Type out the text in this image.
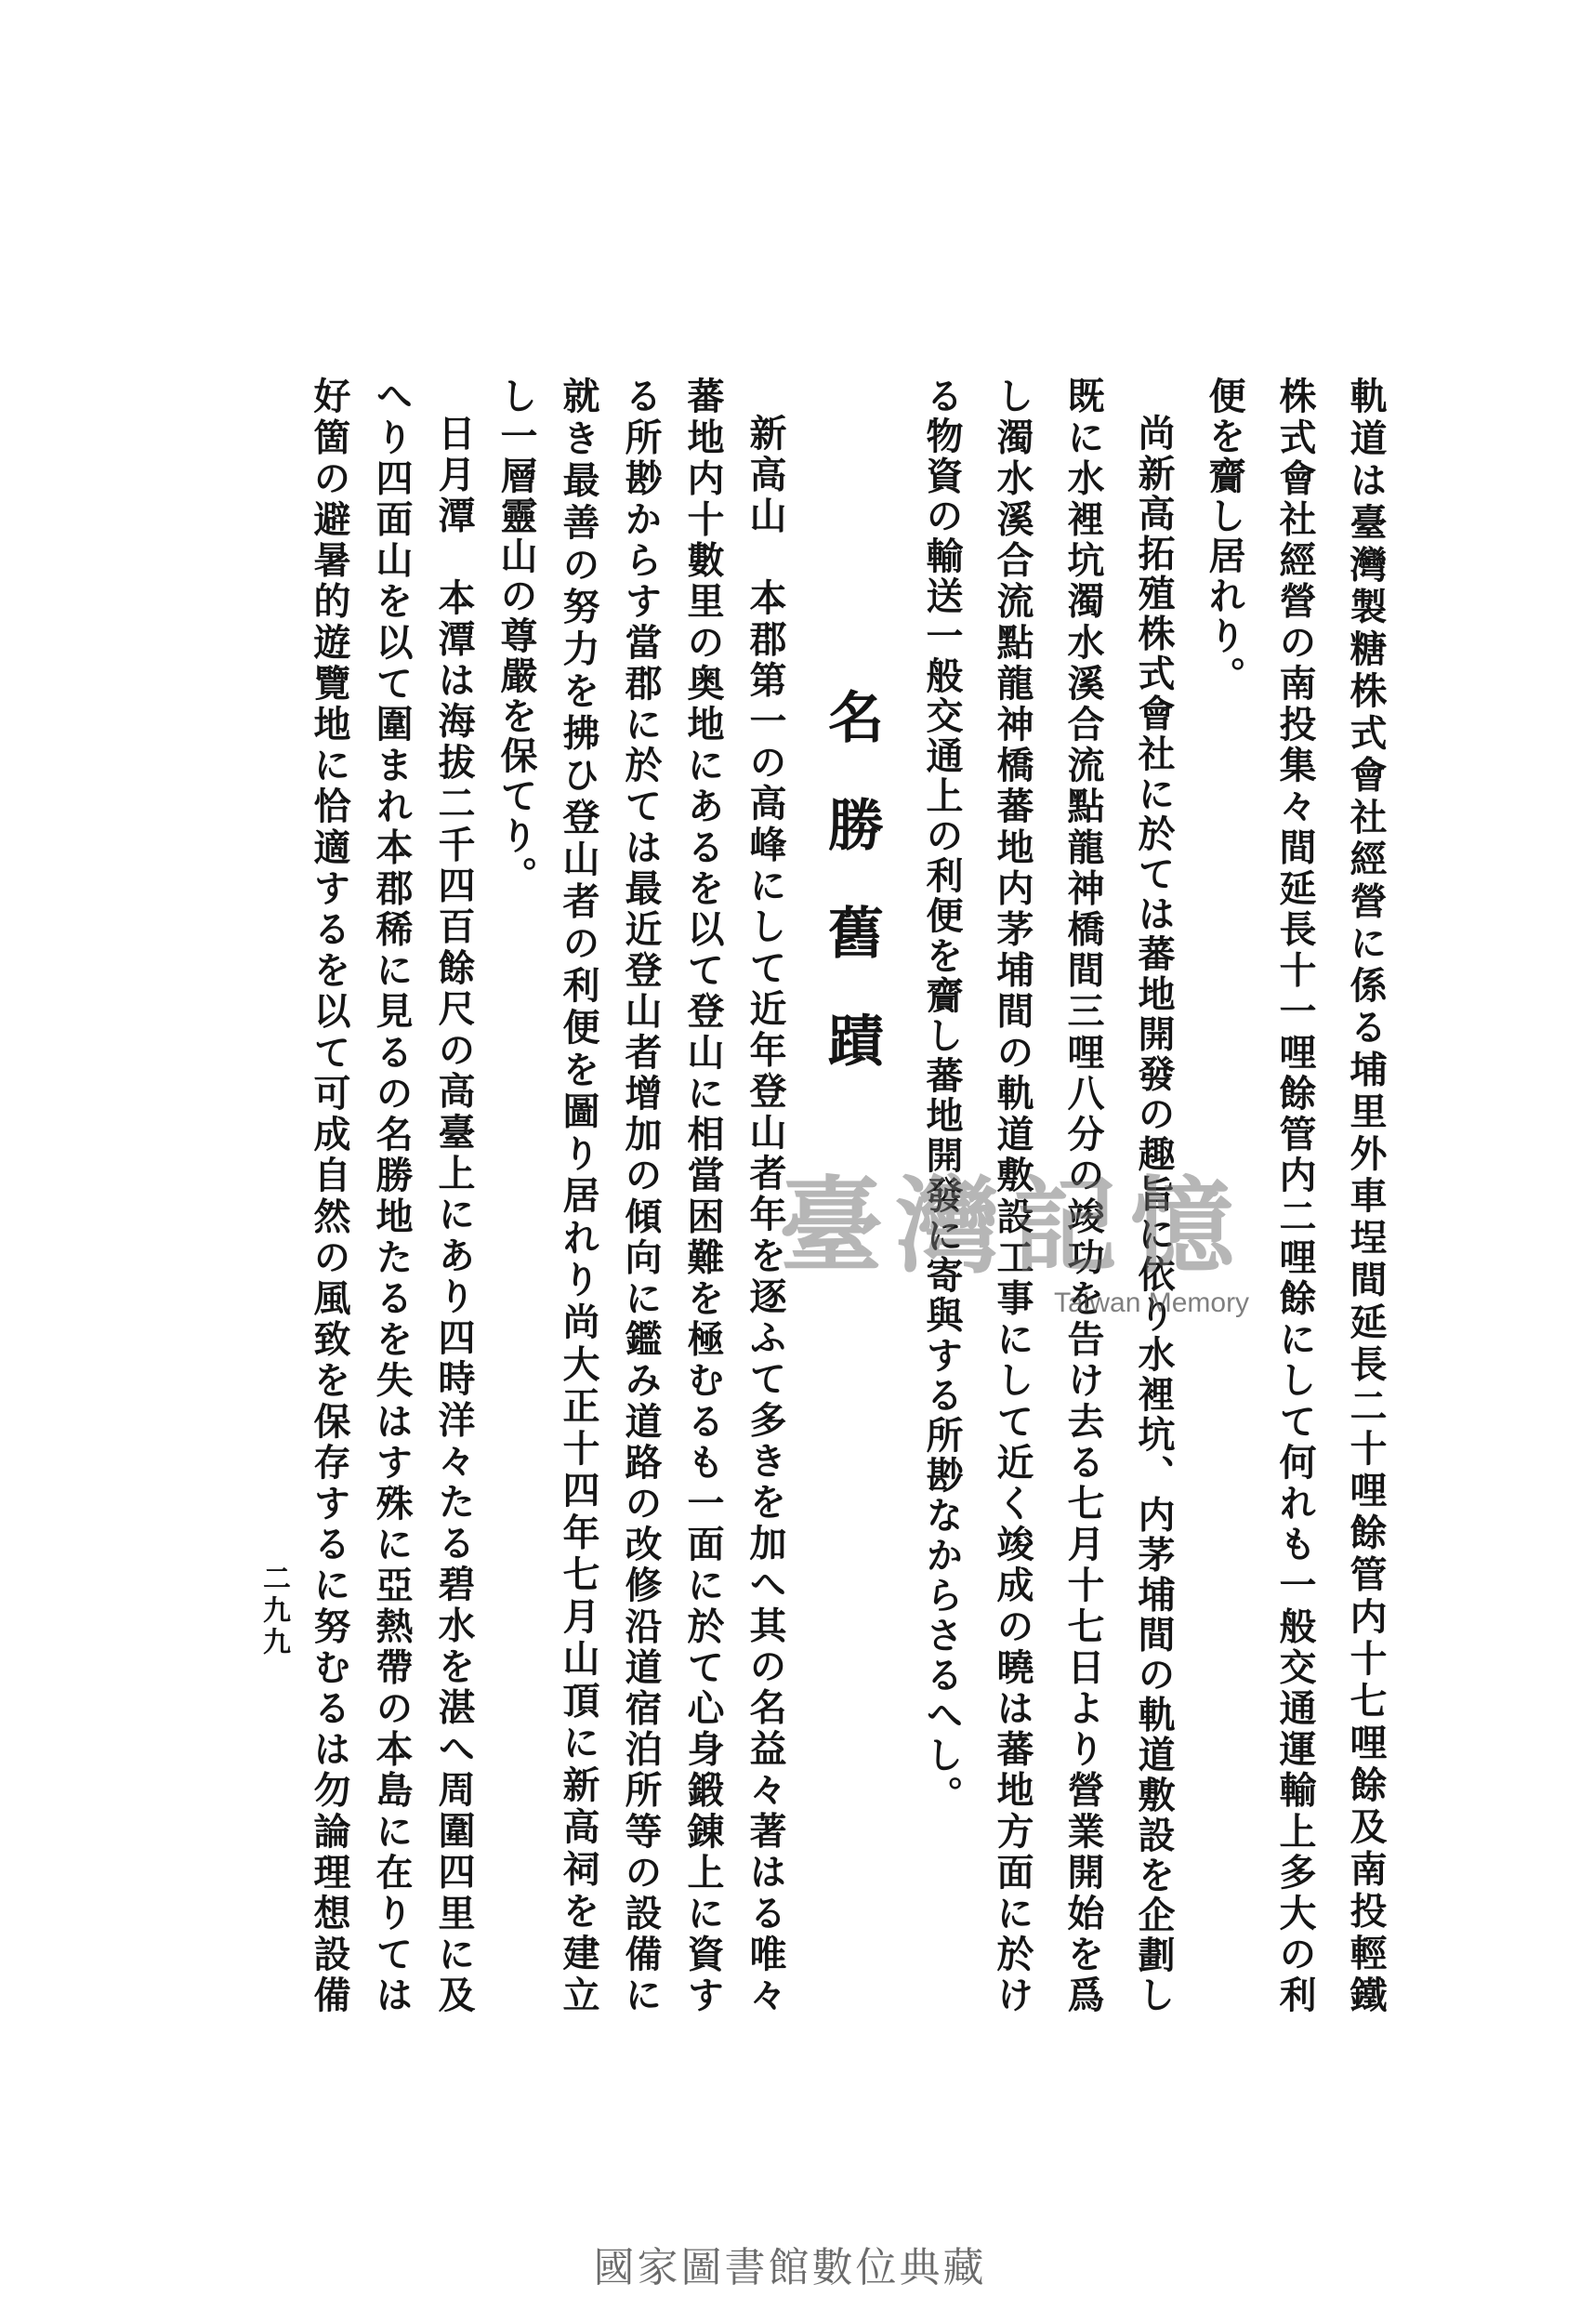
軌道は臺灣製糖株式會社經營に係る埔里外車埕間延長二十哩餘管内十七哩餘及南投輕鐵
株式會社經營の南投集々間延長十一哩餘管内二哩餘にして何れも一般交通運輸上多大の利
便を齎し居れり。
尚新高拓殖株式會社に於ては蕃地開發の趣旨に依り水裡坑、内茅埔間の軌道敷設を企劃し
既に水裡坑濁水溪合流點龍神橋間三哩八分の竣功を告け去る七月十七日より營業開始を爲
し濁水溪合流點龍神橋蕃地内茅埔間の軌道敷設工事にして近く竣成の曉は蕃地方面に於け
る物資の輸送一般交通上の利便を齎し蕃地開發に寄與する所尠なからさるへし。
名勝舊蹟
新高山　本郡第一の高峰にして近年登山者年を逐ふて多きを加へ其の名益々著はる唯々
蕃地内十數里の奥地にあるを以て登山に相當困難を極むるも一面に於て心身鍛錬上に資す
る所尠からす當郡に於ては最近登山者增加の傾向に鑑み道路の改修沿道宿泊所等の設備に
就き最善の努力を拂ひ登山者の利便を圖り居れり尚大正十四年七月山頂に新高祠を建立
し一層靈山の尊嚴を保てり。
日月潭　本潭は海拔二千四百餘尺の高臺上にあり四時洋々たる碧水を湛へ周圍四里に及
へり四面山を以て圍まれ本郡稀に見るの名勝地たるを失はす殊に亞熱帶の本島に在りては
好箇の避暑的遊覽地に恰適するを以て可成自然の風致を保存するに努むるは勿論理想設備
二九九
臺灣記憶
Taiwan Memory
國家圖書館數位典藏
